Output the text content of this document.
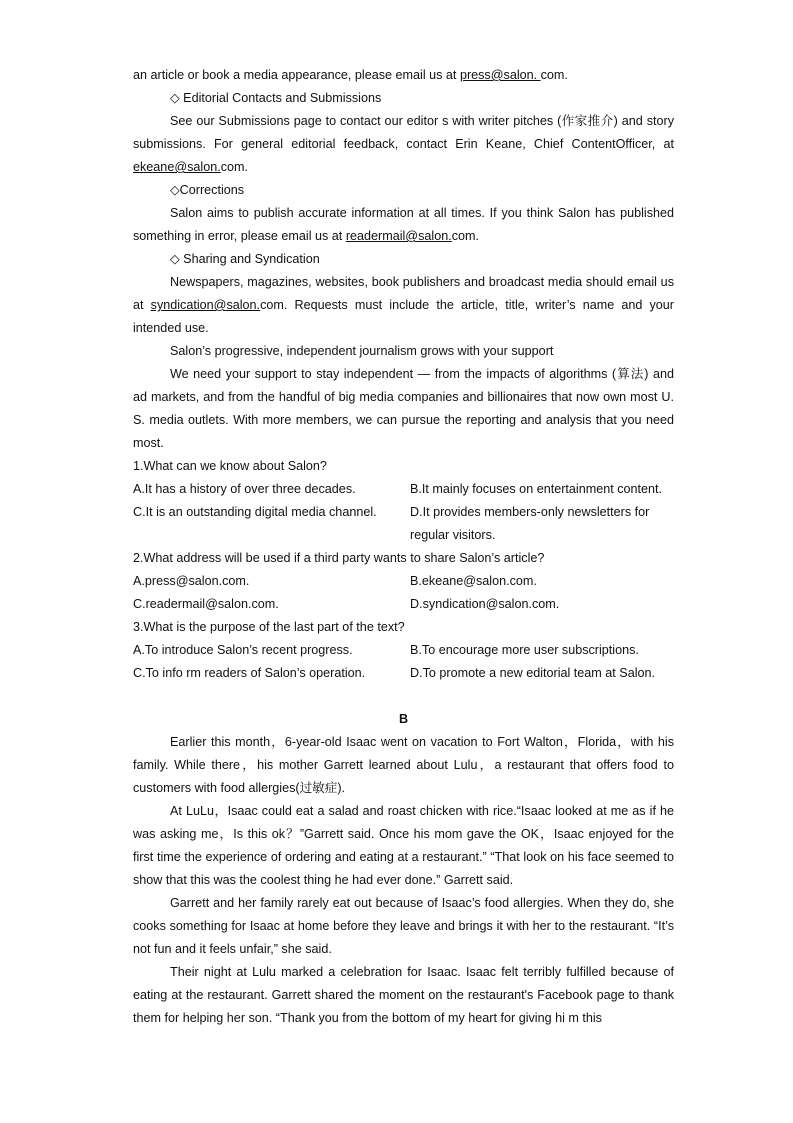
an article or book a media appearance, please email us at press@salon. com.

◇ Editorial Contacts and Submissions

See our Submissions page to contact our editor s with writer pitches (作家推介) and story submissions. For general editorial feedback, contact Erin Keane, Chief ContentOfficer, at ekeane@salon.com.

◇Corrections

Salon aims to publish accurate information at all times. If you think Salon has published something in error, please email us at readermail@salon.com.

◇ Sharing and Syndication

Newspapers, magazines, websites, book publishers and broadcast media should email us at syndication@salon.com. Requests must include the article, title, writer’s name and your intended use.

Salon’s progressive, independent journalism grows with your support

We need your support to stay independent — from the impacts of algorithms (算法) and ad markets, and from the handful of big media companies and billionaires that now own most U. S. media outlets. With more members, we can pursue the reporting and analysis that you need most.

1.What can we know about Salon?

A.It has a history of over three decades.	B.It mainly focuses on entertainment content.
C.It is an outstanding digital media channel.	D.It provides members-only newsletters for regular visitors.

2.What address will be used if a third party wants to share Salon’s article?

A.press@salon.com.	B.ekeane@salon.com.
C.readermail@salon.com.	D.syndication@salon.com.

3.What is the purpose of the last part of the text?

A.To introduce Salon’s recent progress.	B.To encourage more user subscriptions.
C.To info rm readers of Salon’s operation.	D.To promote a new editorial team at Salon.

B

Earlier this month，6-year-old Isaac went on vacation to Fort Walton，Florida，with his family. While there，his mother Garrett learned about Lulu，a restaurant that offers food to customers with food allergies(过敏症).

At LuLu，Isaac could eat a salad and roast chicken with rice.“Isaac looked at me as if he was asking me，Is this ok？”Garrett said. Once his mom gave the OK，Isaac enjoyed for the first time the experience of ordering and eating at a restaurant.” “That look on his face seemed to show that this was the coolest thing he had ever done.” Garrett said.

Garrett and her family rarely eat out because of Isaac’s food allergies. When they do, she cooks something for Isaac at home before they leave and brings it with her to the restaurant. “It’s not fun and it feels unfair,” she said.

Their night at Lulu marked a celebration for Isaac. Isaac felt terribly fulfilled because of eating at the restaurant. Garrett shared the moment on the restaurant's Facebook page to thank them for helping her son. “Thank you from the bottom of my heart for giving hi m this
